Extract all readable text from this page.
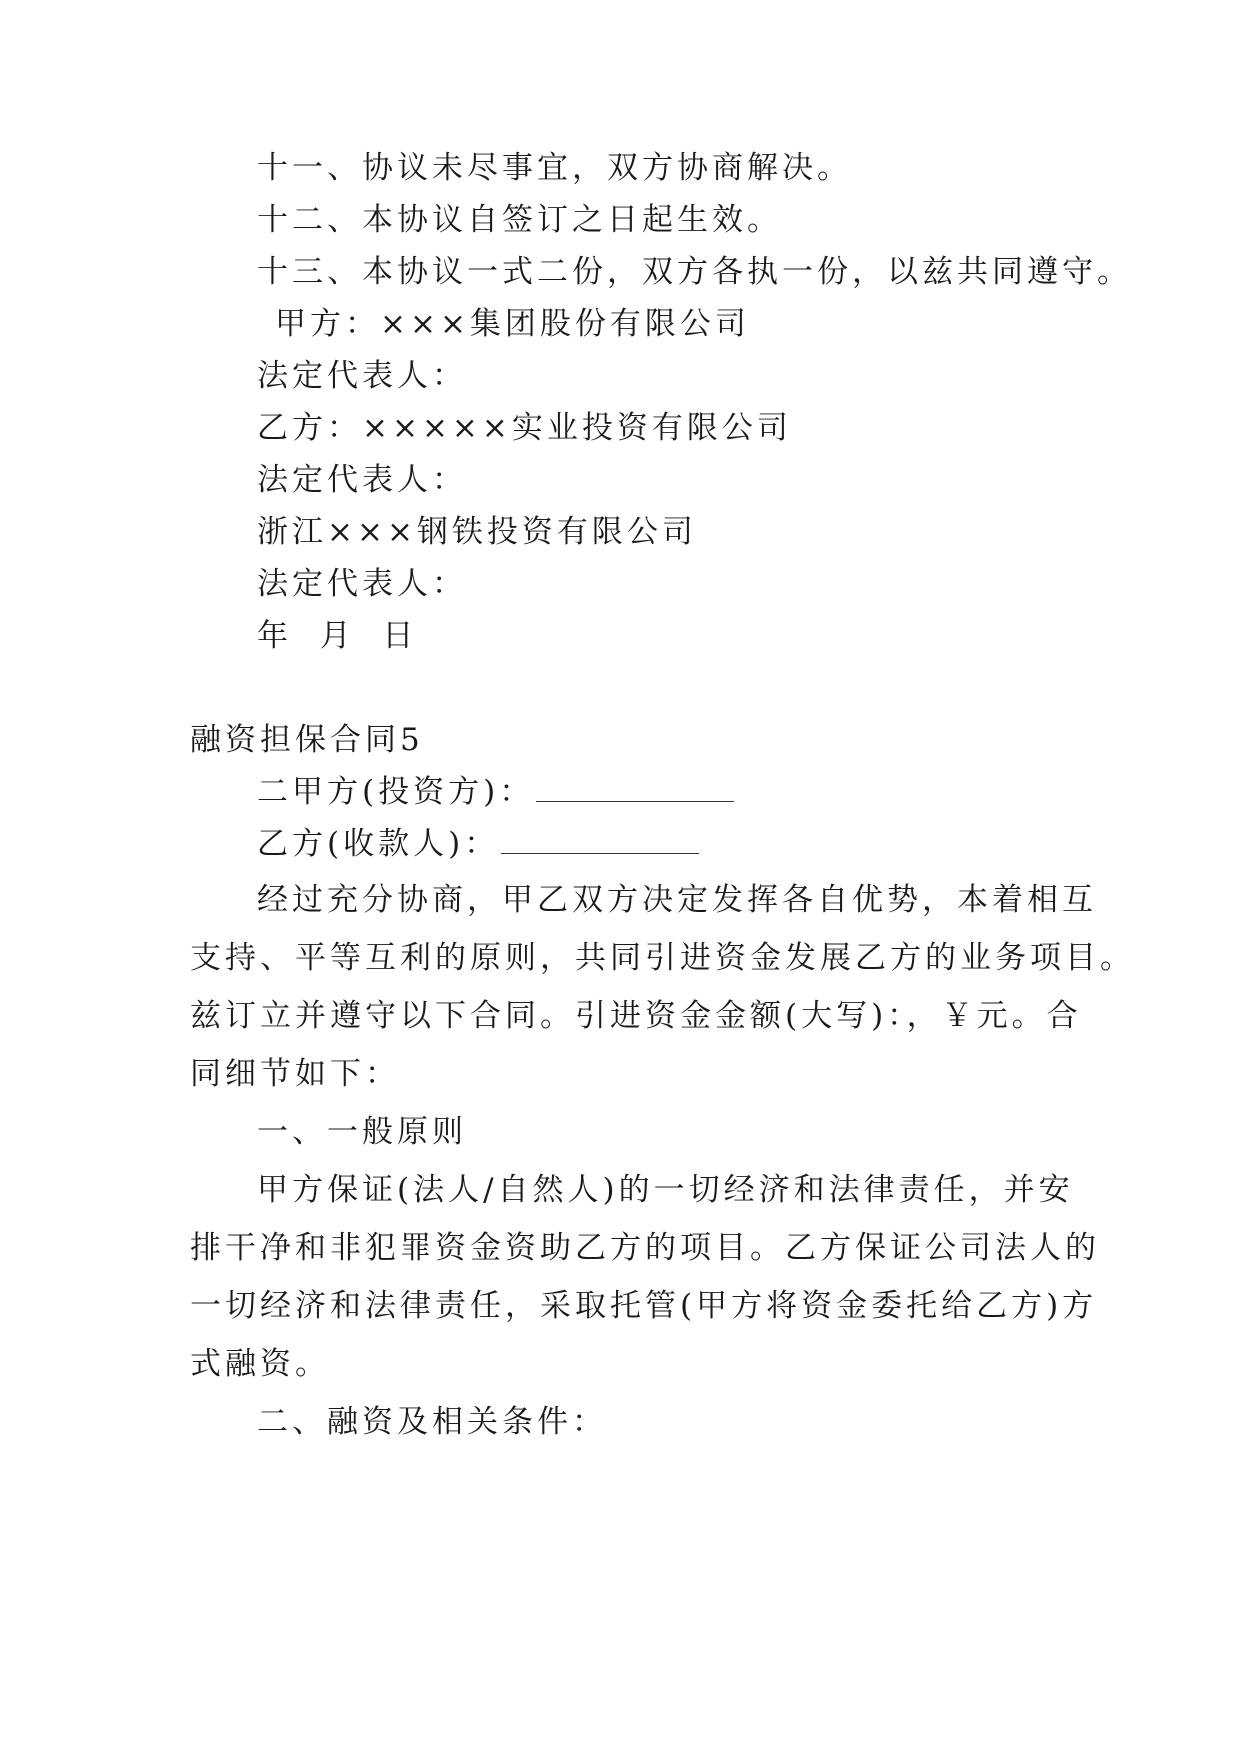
十一、协议未尽事宜，双方协商解决。
十二、本协议自签订之日起生效。
十三、本协议一式二份，双方各执一份，以兹共同遵守。
甲方：×××集团股份有限公司
法定代表人：
乙方：×××××实业投资有限公司
法定代表人：
浙江×××钢铁投资有限公司
法定代表人：
年  月  日
融资担保合同5
二甲方(投资方)：
乙方(收款人)：
经过充分协商，甲乙双方决定发挥各自优势，本着相互
支持、平等互利的原则，共同引进资金发展乙方的业务项目。
兹订立并遵守以下合同。引进资金金额(大写)：，￥元。合
同细节如下：
一、一般原则
甲方保证(法人/自然人)的一切经济和法律责任，并安
排干净和非犯罪资金资助乙方的项目。乙方保证公司法人的
一切经济和法律责任，采取托管(甲方将资金委托给乙方)方
式融资。
二、融资及相关条件：
